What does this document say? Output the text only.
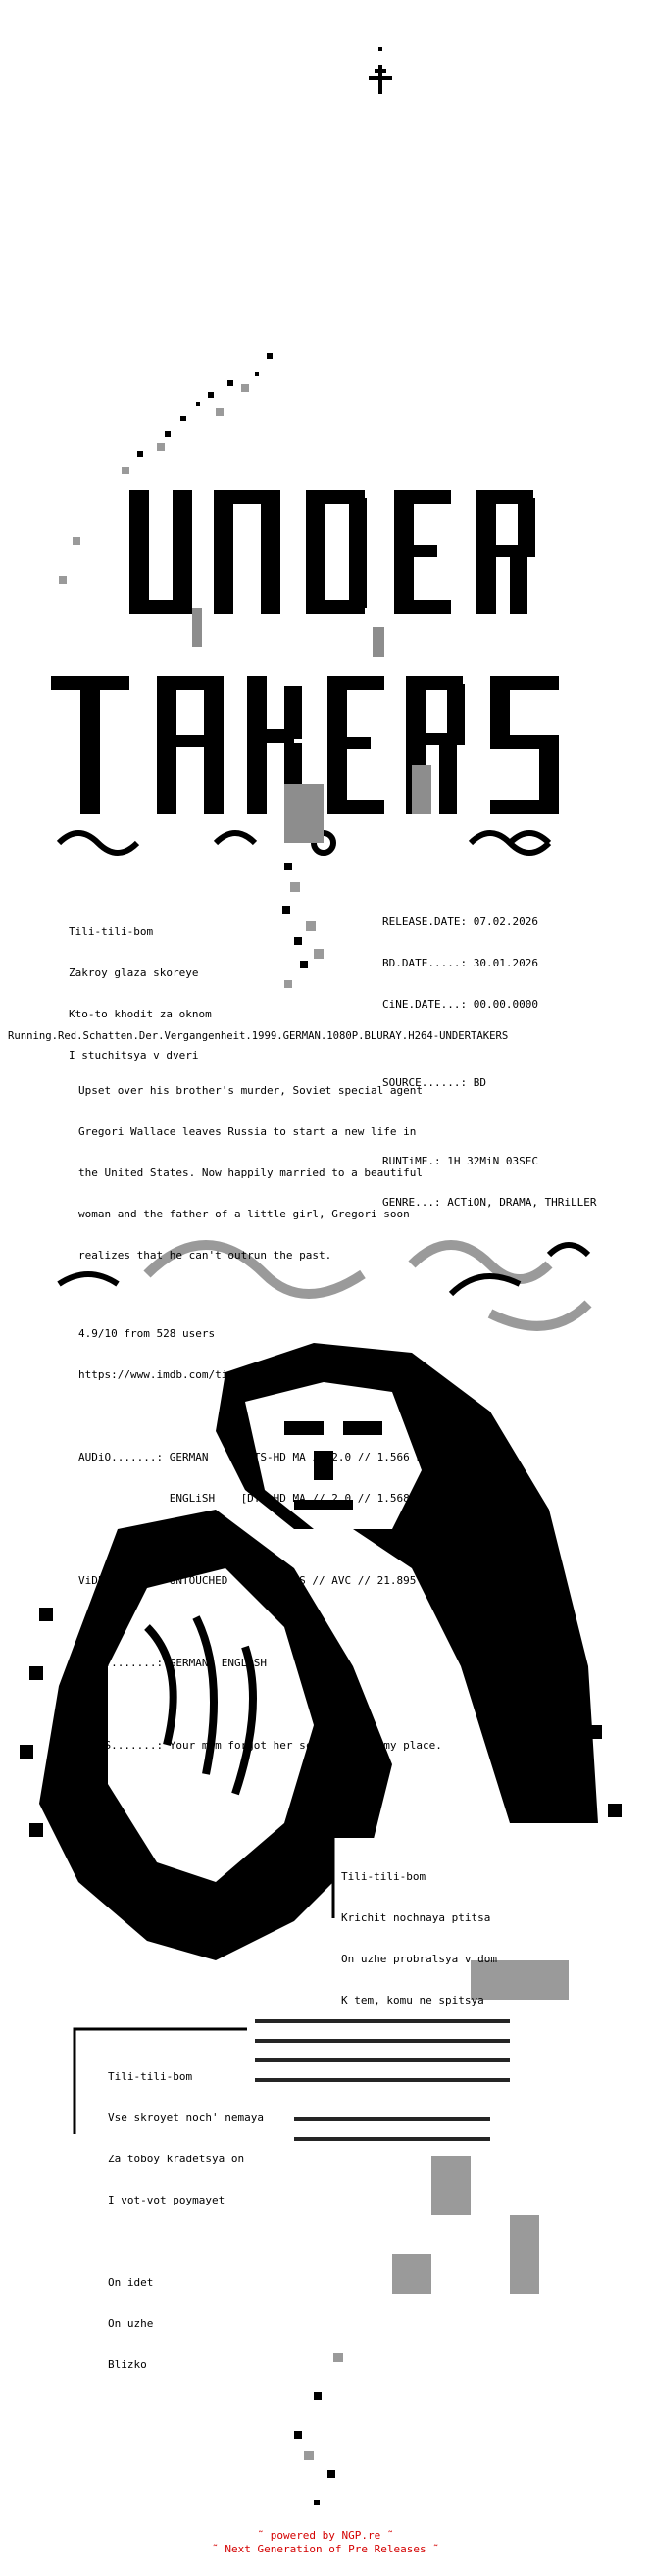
Tili-tili-bom

Zakroy glaza skoreye

Kto-to khodit za oknom

I stuchitsya v dveri

RELEASE.DATE: 07.02.2026

BD.DATE.....: 30.01.2026

CiNE.DATE...: 00.00.0000

SOURCE......: BD

RUNTiME.: 1H 32MiN 03SEC

GENRE...: ACTiON, DRAMA, THRiLLER

Running.Red.Schatten.Der.Vergangenheit.1999.GERMAN.1080P.BLURAY.H264-UNDERTAKERS

Upset over his brother's murder, Soviet special agent

Gregori Wallace leaves Russia to start a new life in

the United States. Now happily married to a beautiful

woman and the father of a little girl, Gregori soon

realizes that he can't outrun the past.

4.9/10 from 528 users

https://www.imdb.com/title/tt0163815/

AUDiO.......: GERMAN     [DTS-HD MA // 2.0 // 1.566 kbps]

ENGLiSH    [DTS-HD MA // 2.0 // 1.568 kbps]

ViDEO.......: UNTOUCHED  [23.976FPS // AVC // 21.895 kbps]

SUBS........: GERMAN, ENGLiSH

NOTES.......: Your mom forgot her schlueppi at my place.

Tili-tili-bom

Krichit nochnaya ptitsa

On uzhe probralsya v dom

K tem, komu ne spitsya

Tili-tili-bom

Vse skroyet noch' nemaya

Za toboy kradetsya on

I vot-vot poymayet

On idet

On uzhe

Blizko

˜ powered by NGP.re ˜
˜ Next Generation of Pre Releases ˜
